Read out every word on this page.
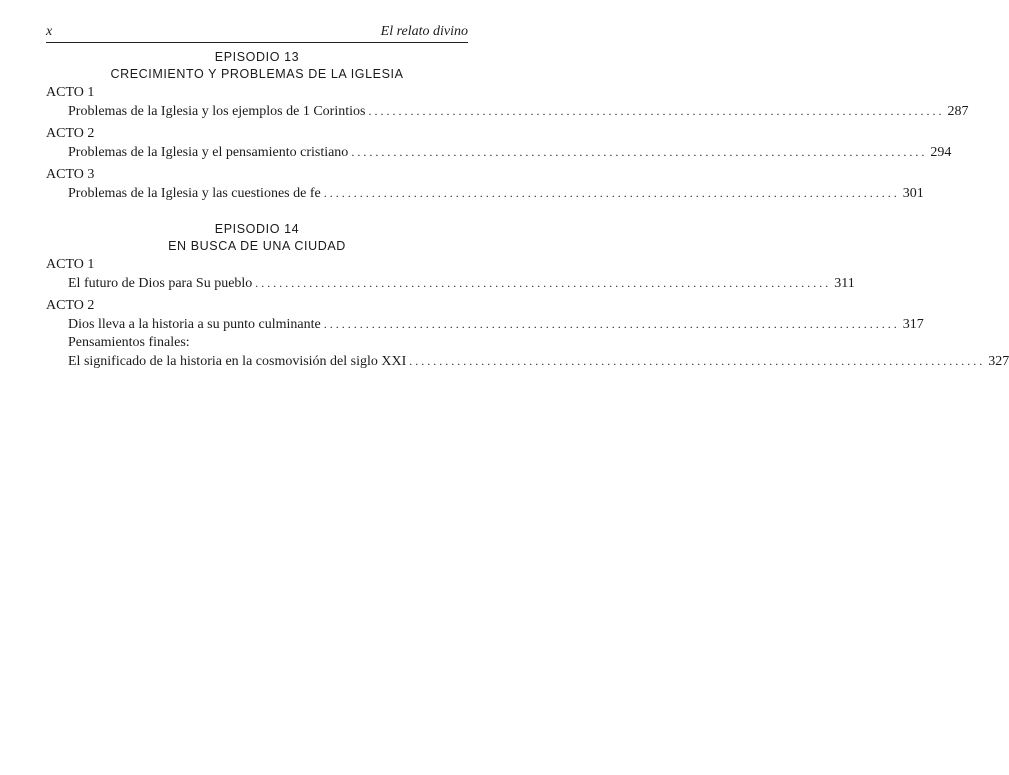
x	El relato divino
EPISODIO 13
CRECIMIENTO Y PROBLEMAS DE LA IGLESIA
ACTO 1
Problemas de la Iglesia y los ejemplos de 1 Corintios ................................................................................................ 287
ACTO 2
Problemas de la Iglesia y el pensamiento cristiano ................................................................................................ 294
ACTO 3
Problemas de la Iglesia y las cuestiones de fe ................................................................................................ 301
EPISODIO 14
EN BUSCA DE UNA CIUDAD
ACTO 1
El futuro de Dios para Su pueblo ................................................................................................ 311
ACTO 2
Dios lleva a la historia a su punto culminante ................................................................................................ 317
Pensamientos finales:
El significado de la historia en la cosmovisión del siglo XXI ................................................................................................ 327
